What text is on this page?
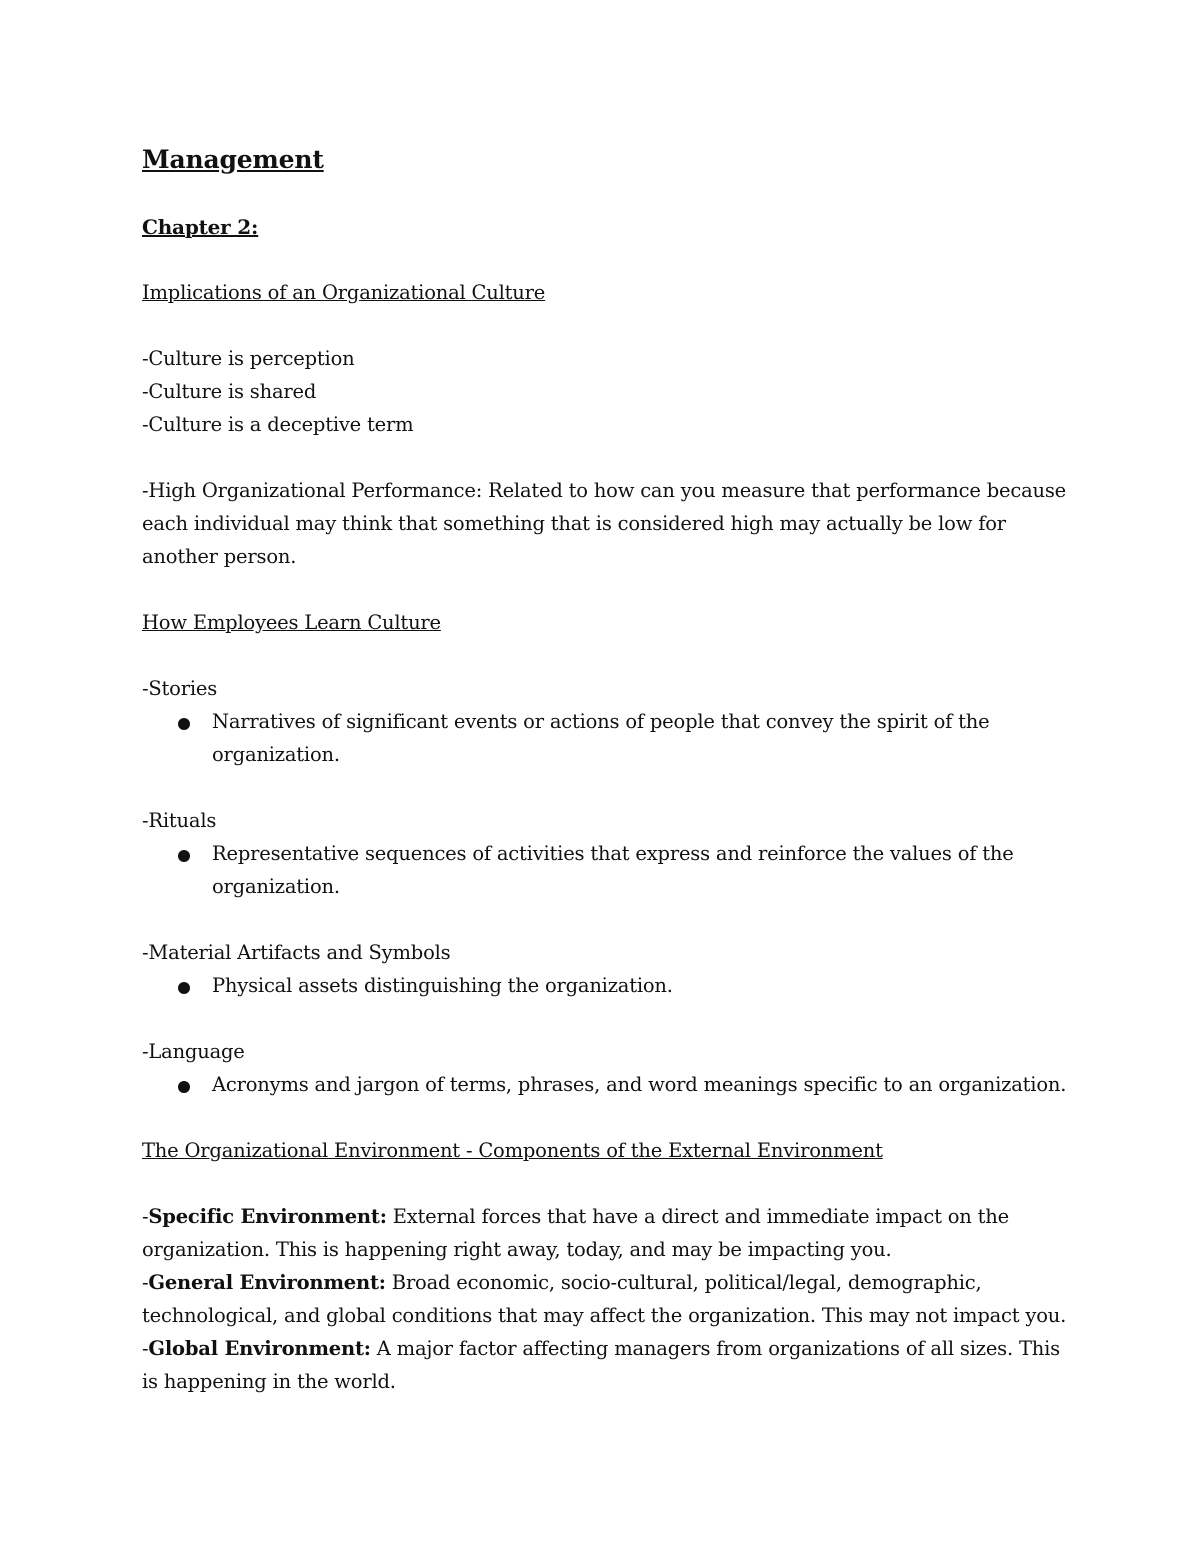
Management
Chapter 2:
Implications of an Organizational Culture

-Culture is perception

-Culture is shared

-Culture is a deceptive term

-High Organizational Performance: Related to how can you measure that performance because each individual may think that something that is considered high may actually be low for another person.

How Employees Learn Culture

-Stories

Narratives of significant events or actions of people that convey the spirit of the organization.

-Rituals

Representative sequences of activities that express and reinforce the values of the organization.

-Material Artifacts and Symbols

Physical assets distinguishing the organization.

-Language

Acronyms and jargon of terms, phrases, and word meanings specific to an organization.
The Organizational Environment - Components of the External Environment

-Specific Environment: External forces that have a direct and immediate impact on the organization. This is happening right away, today, and may be impacting you.

-General Environment: Broad economic, socio-cultural, political/legal, demographic, technological, and global conditions that may affect the organization. This may not impact you.

-Global Environment: A major factor affecting managers from organizations of all sizes. This is happening in the world.
